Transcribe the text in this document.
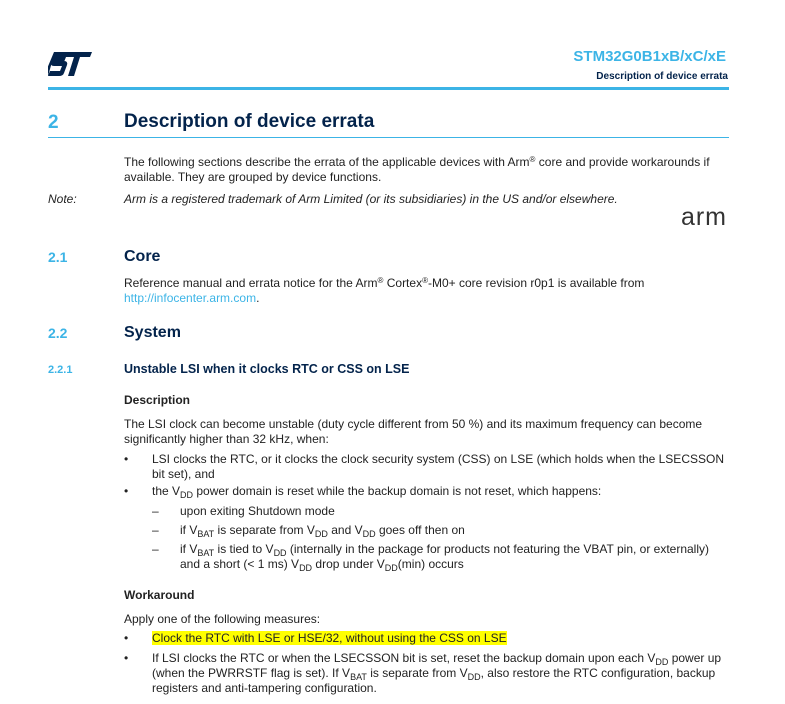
STM32G0B1xB/xC/xE
Description of device errata
2	Description of device errata
The following sections describe the errata of the applicable devices with Arm® core and provide workarounds if available. They are grouped by device functions.
Note:	Arm is a registered trademark of Arm Limited (or its subsidiaries) in the US and/or elsewhere.
arm
2.1	Core
Reference manual and errata notice for the Arm® Cortex®-M0+ core revision r0p1 is available from http://infocenter.arm.com.
2.2	System
2.2.1	Unstable LSI when it clocks RTC or CSS on LSE
Description
The LSI clock can become unstable (duty cycle different from 50 %) and its maximum frequency can become significantly higher than 32 kHz, when:
• LSI clocks the RTC, or it clocks the clock security system (CSS) on LSE (which holds when the LSECSSON bit set), and
• the $V_{DD}$ power domain is reset while the backup domain is not reset, which happens:
– upon exiting Shutdown mode
– if $V_{BAT}$ is separate from $V_{DD}$ and $V_{DD}$ goes off then on
– if $V_{BAT}$ is tied to $V_{DD}$ (internally in the package for products not featuring the VBAT pin, or externally) and a short (< 1 ms) $V_{DD}$ drop under $V_{DD}(\min)$ occurs
Workaround
Apply one of the following measures:
• Clock the RTC with LSE or HSE/32, without using the CSS on LSE
• If LSI clocks the RTC or when the LSECSSON bit is set, reset the backup domain upon each $V_{DD}$ power up (when the PWRRSTF flag is set). If $V_{BAT}$ is separate from $V_{DD}$, also restore the RTC configuration, backup registers and anti-tampering configuration.
